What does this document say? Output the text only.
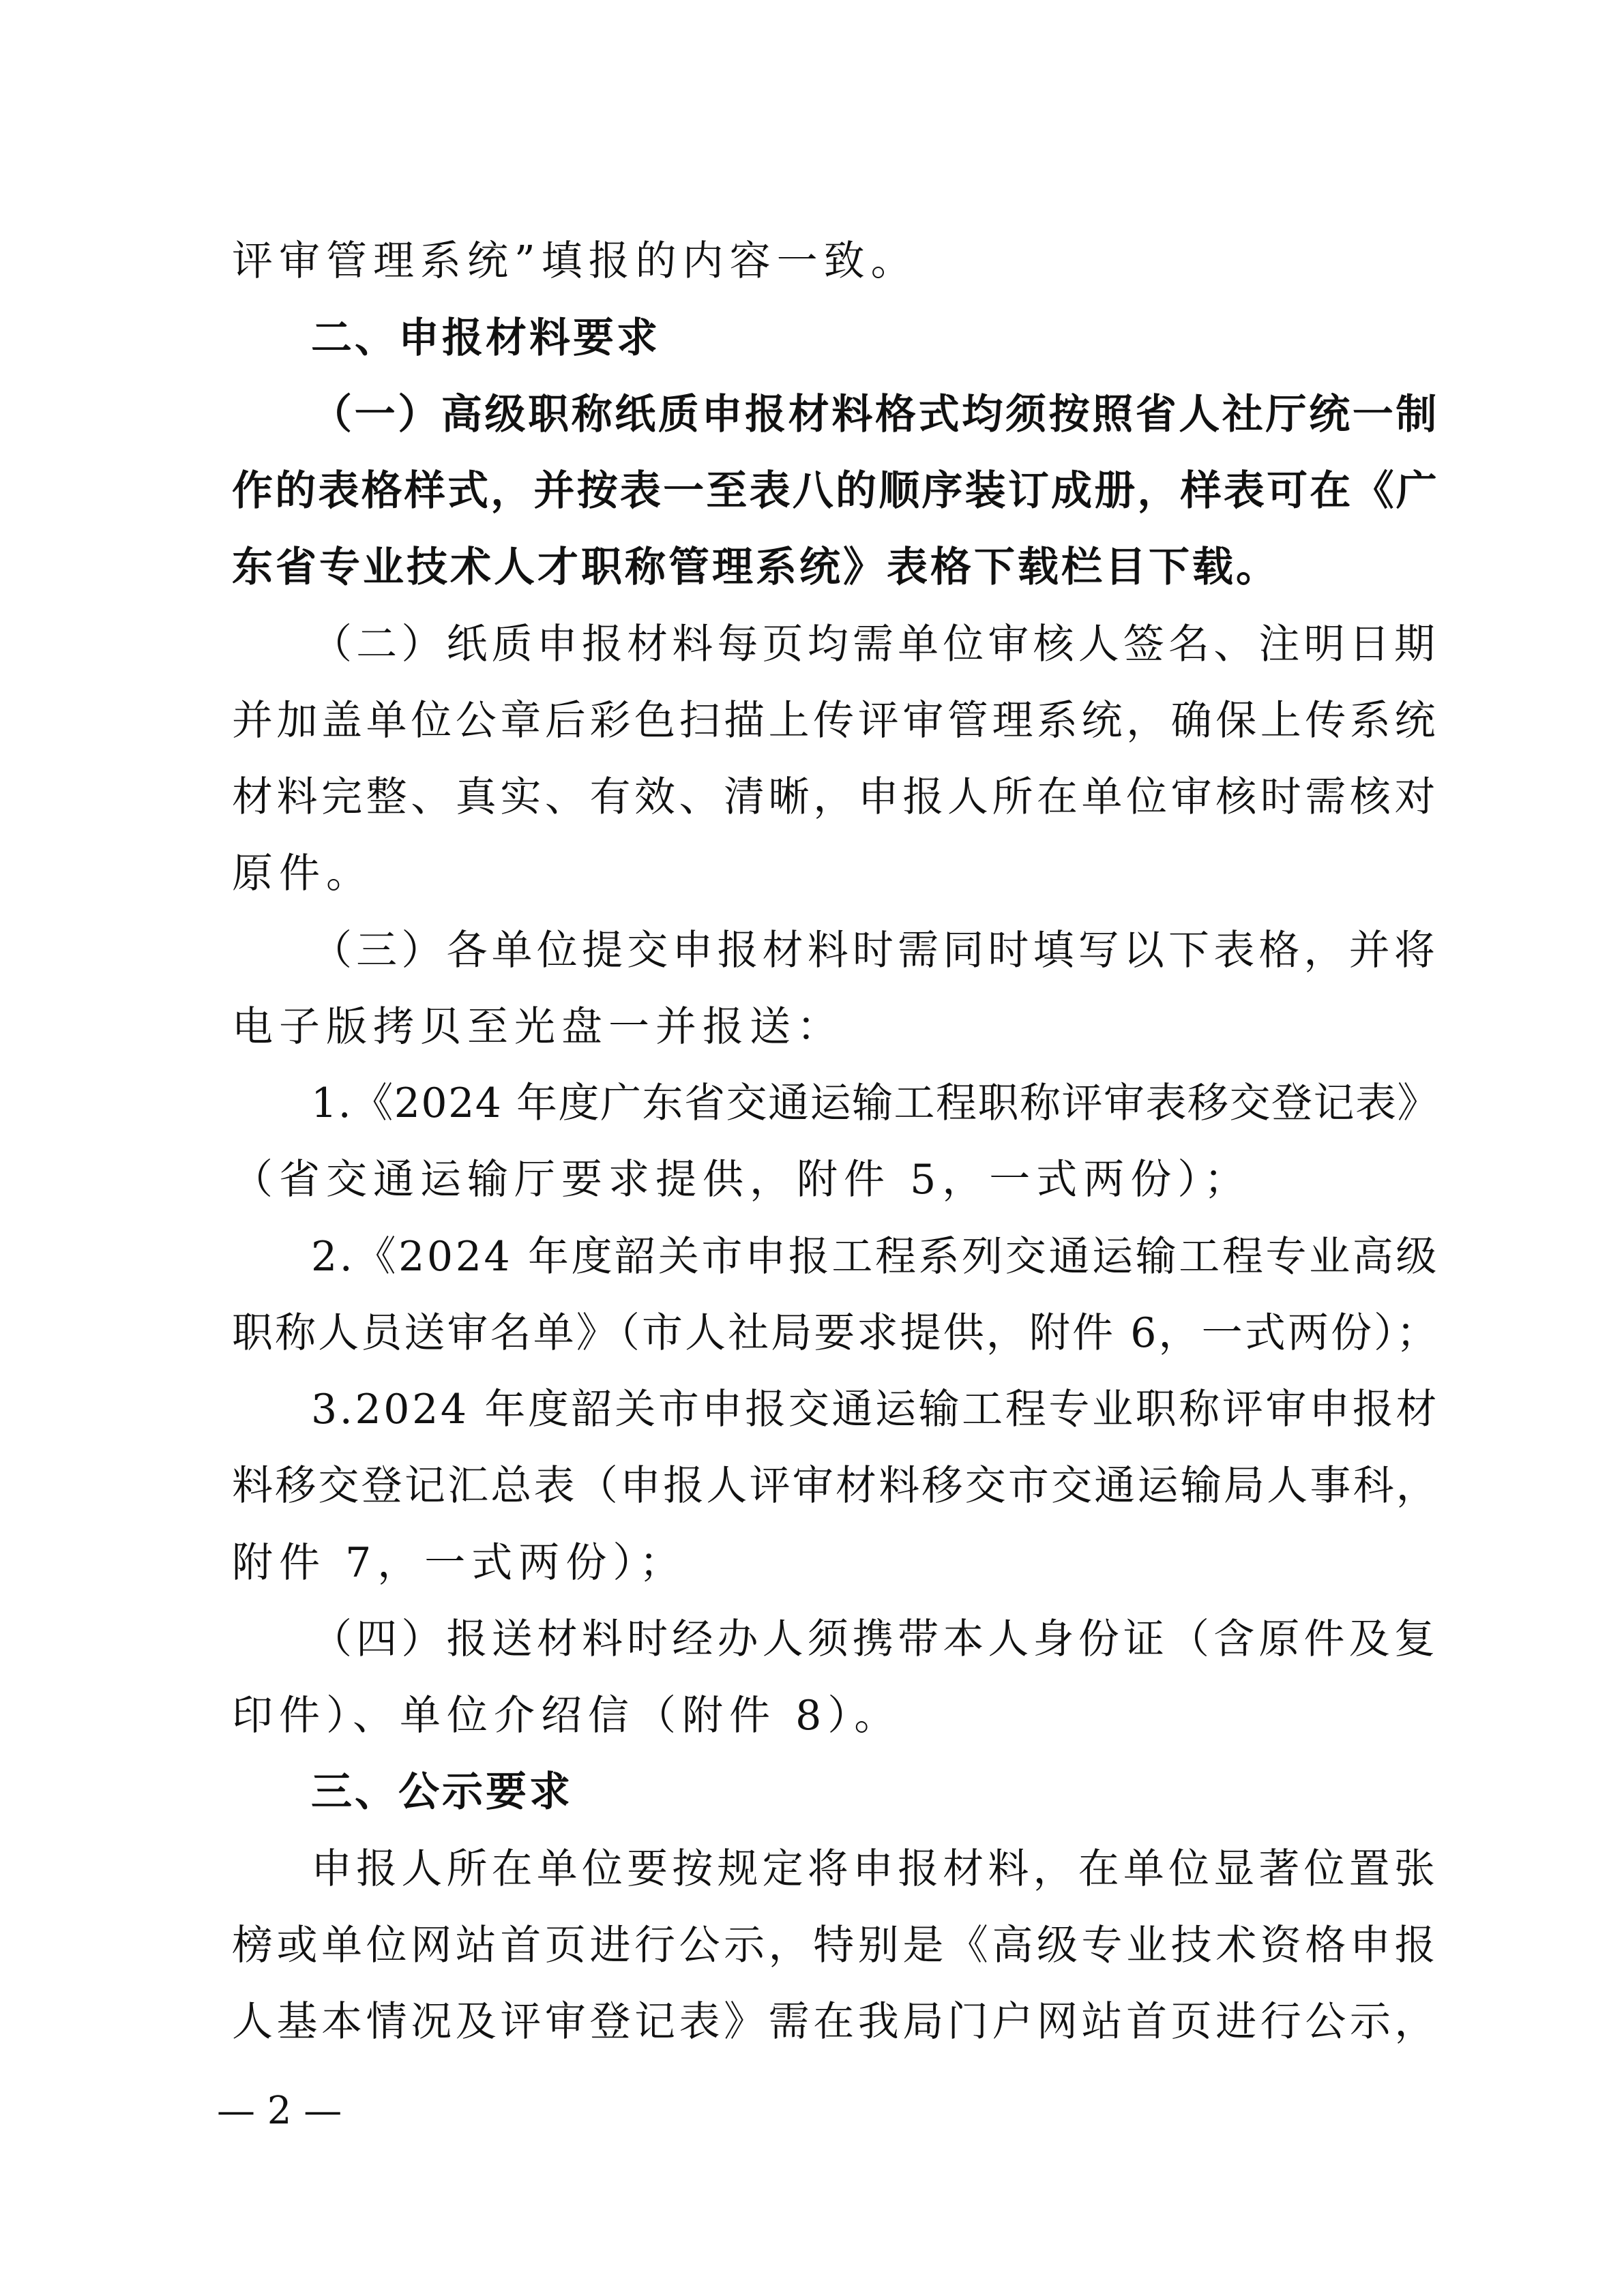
评审管理系统”填报的内容一致。
二、申报材料要求
（一）高级职称纸质申报材料格式均须按照省人社厅统一制
作的表格样式，并按表一至表八的顺序装订成册，样表可在《广
东省专业技术人才职称管理系统》表格下载栏目下载。
（二）纸质申报材料每页均需单位审核人签名、注明日期
并加盖单位公章后彩色扫描上传评审管理系统，确保上传系统
材料完整、真实、有效、清晰，申报人所在单位审核时需核对
原件。
（三）各单位提交申报材料时需同时填写以下表格，并将
电子版拷贝至光盘一并报送：
1.《2024 年度广东省交通运输工程职称评审表移交登记表》
（省交通运输厅要求提供，附件 5，一式两份）；
2.《2024 年度韶关市申报工程系列交通运输工程专业高级
职称人员送审名单》（市人社局要求提供，附件 6，一式两份）；
3.2024 年度韶关市申报交通运输工程专业职称评审申报材
料移交登记汇总表（申报人评审材料移交市交通运输局人事科，
附件 7，一式两份）；
（四）报送材料时经办人须携带本人身份证（含原件及复
印件）、单位介绍信（附件 8）。
三、公示要求
申报人所在单位要按规定将申报材料，在单位显著位置张
榜或单位网站首页进行公示，特别是《高级专业技术资格申报
人基本情况及评审登记表》需在我局门户网站首页进行公示，
— 2 —
